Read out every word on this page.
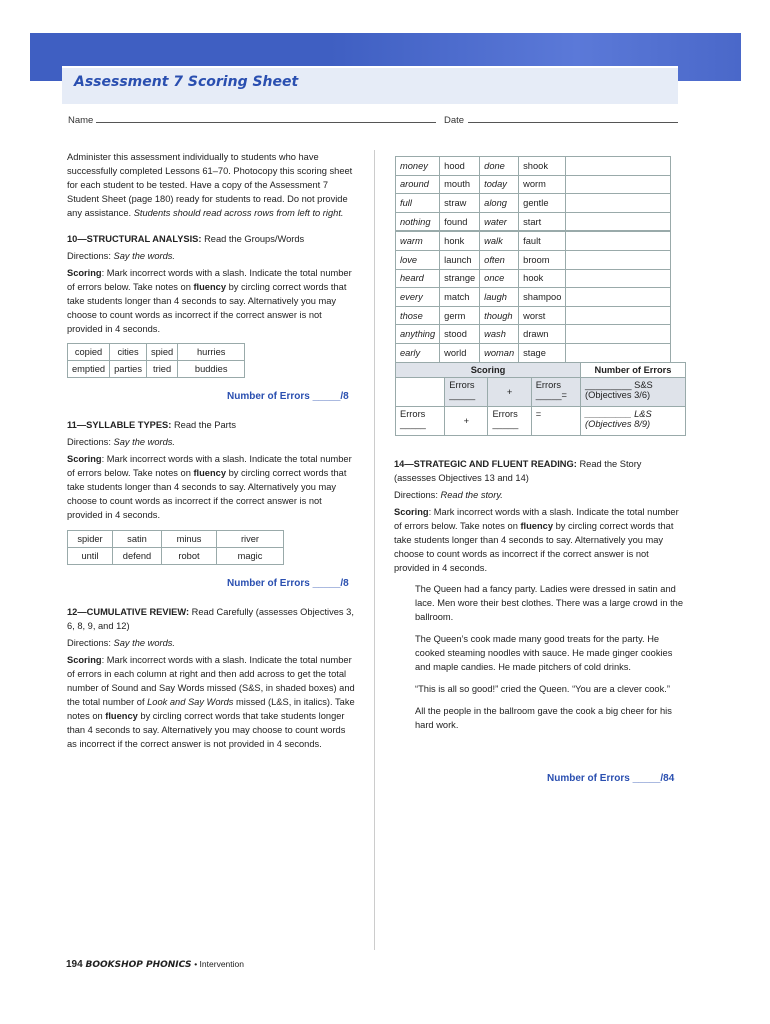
Assessment 7 Scoring Sheet
Name	Date

Administer this assessment individually to students who have successfully completed Lessons 61–70. Photocopy this scoring sheet for each student to be tested. Have a copy of the Assessment 7 Student Sheet (page 180) ready for students to read. Do not provide any assistance. Students should read across rows from left to right.

10—STRUCTURAL ANALYSIS: Read the Groups/Words

Directions: Say the words.

Scoring: Mark incorrect words with a slash. Indicate the total number of errors below. Take notes on fluency by circling correct words that take students longer than 4 seconds to say. Alternatively you may choose to count words as incorrect if the correct answer is not provided in 4 seconds.

copied	cities	spied	hurries
emptied	parties	tried	buddies
Number of Errors _____/8

11—SYLLABLE TYPES: Read the Parts

Directions: Say the words.

Scoring: Mark incorrect words with a slash. Indicate the total number of errors below. Take notes on fluency by circling correct words that take students longer than 4 seconds to say. Alternatively you may choose to count words as incorrect if the correct answer is not provided in 4 seconds.

spider	satin	minus	river
until	defend	robot	magic
Number of Errors _____/8

12—CUMULATIVE REVIEW: Read Carefully (assesses Objectives 3, 6, 8, 9, and 12)

Directions: Say the words.

Scoring: Mark incorrect words with a slash. Indicate the total number of errors in each column at right and then add across to get the total number of Sound and Say Words missed (S&S, in shaded boxes) and the total number of Look and Say Words missed (L&S, in italics). Take notes on fluency by circling correct words that take students longer than 4 seconds to say. Alternatively you may choose to count words as incorrect if the correct answer is not provided in 4 seconds.

money	hood	done	shook	
around	mouth	today	worm	
full	straw	along	gentle	
nothing	found	water	start	
warm	honk	walk	fault	
love	launch	often	broom	
heard	strange	once	hook	
every	match	laugh	shampoo	
those	germ	though	worst	
anything	stood	wash	drawn	
early	world	woman	stage	
Scoring				Number of Errors
	Errors _____	+	Errors _____=	_________ S&S
(Objectives 3/6)

Errors _____	+	Errors _____	=	_________ L&S
(Objectives 8/9)

14—STRATEGIC AND FLUENT READING: Read the Story (assesses Objectives 13 and 14)

Directions: Read the story.

Scoring: Mark incorrect words with a slash. Indicate the total number of errors below. Take notes on fluency by circling correct words that take students longer than 4 seconds to say. Alternatively you may choose to count words as incorrect if the correct answer is not provided in 4 seconds.

The Queen had a fancy party. Ladies were dressed in satin and lace. Men wore their best clothes. There was a large crowd in the ballroom.

The Queen’s cook made many good treats for the party. He cooked steaming noodles with sauce. He made ginger cookies and maple candies. He made pitchers of cold drinks.

“This is all so good!” cried the Queen. “You are a clever cook.”

All the people in the ballroom gave the cook a big cheer for his hard work.

Number of Errors _____/84
194 BOOKSHOP PHONICS • Intervention
